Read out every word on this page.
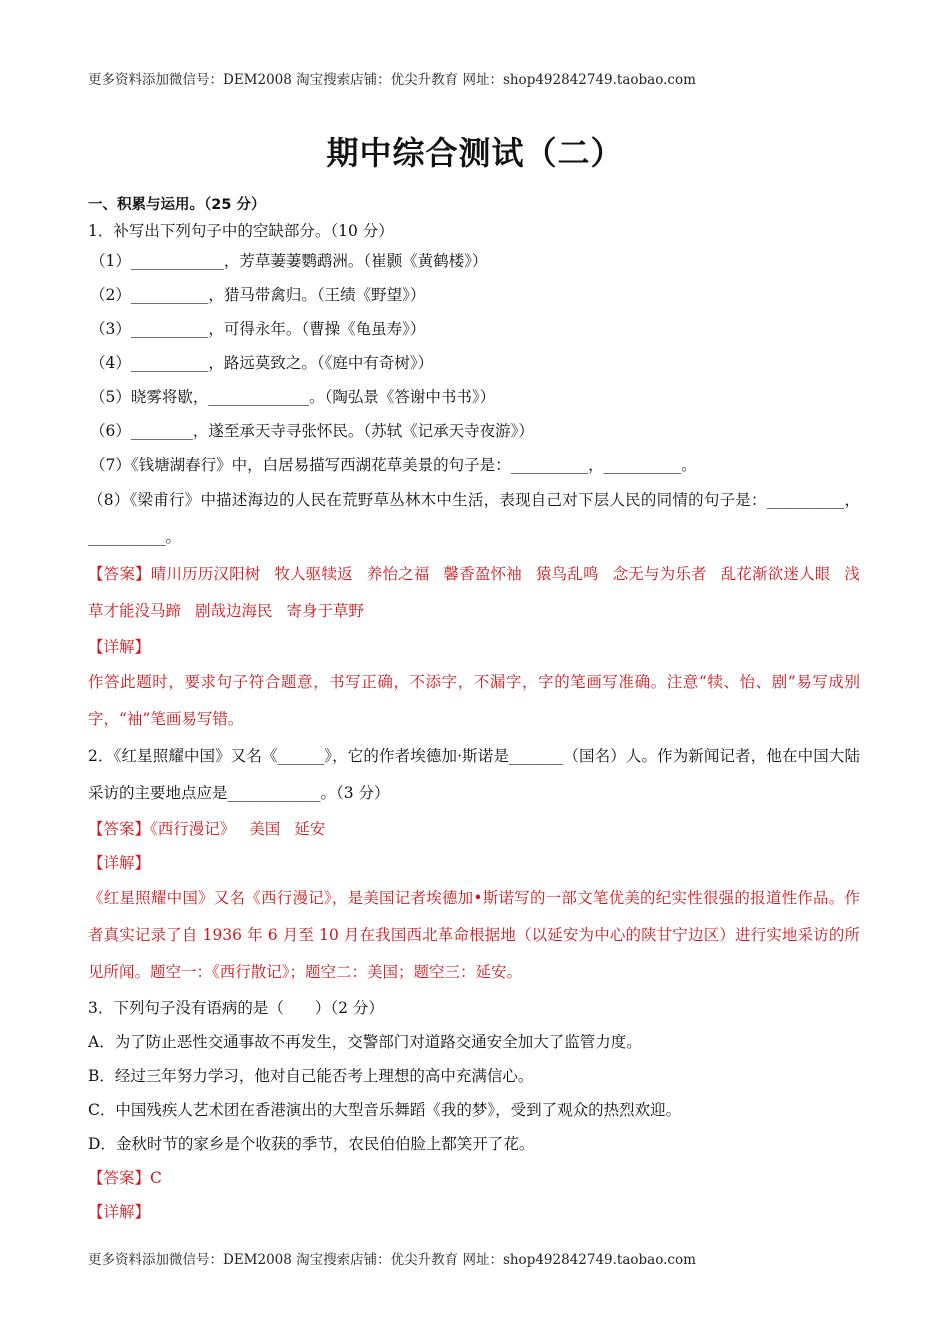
更多资料添加微信号：DEM2008 淘宝搜索店铺：优尖升教育 网址：shop492842749.taobao.com
期中综合测试（二）
一、积累与运用。（25 分）
1．补写出下列句子中的空缺部分。（10 分）
（1）____________，芳草萋萋鹦鹉洲。（崔颢《黄鹤楼》）
（2）__________，猎马带禽归。（王绩《野望》）
（3）__________，可得永年。（曹操《龟虽寿》）
（4）__________，路远莫致之。（《庭中有奇树》）
（5）晓雾将歇，_____________。（陶弘景《答谢中书书》）
（6）________，遂至承天寺寻张怀民。（苏轼《记承天寺夜游》）
（7）《钱塘湖春行》中，白居易描写西湖花草美景的句子是：__________，__________。
（8）《梁甫行》中描述海边的人民在荒野草丛林木中生活，表现自己对下层人民的同情的句子是：__________，__________。
【答案】晴川历历汉阳树 牧人驱犊返 养怡之福 馨香盈怀袖 猿鸟乱鸣 念无与为乐者 乱花渐欲迷人眼 浅草才能没马蹄 剧哉边海民 寄身于草野
【详解】
作答此题时，要求句子符合题意，书写正确，不添字，不漏字，字的笔画写准确。注意“犊、怡、剧”易写成别字，“袖”笔画易写错。
2．《红星照耀中国》又名《______》，它的作者埃德加·斯诺是_______（国名）人。作为新闻记者，他在中国大陆采访的主要地点应是____________。（3 分）
【答案】《西行漫记》 美国 延安
【详解】
《红星照耀中国》又名《西行漫记》，是美国记者埃德加•斯诺写的一部文笔优美的纪实性很强的报道性作品。作者真实记录了自 1936 年 6 月至 10 月在我国西北革命根据地（以延安为中心的陕甘宁边区）进行实地采访的所见所闻。题空一：《西行散记》；题空二：美国；题空三：延安。
3．下列句子没有语病的是（　　）（2 分）
A．为了防止恶性交通事故不再发生，交警部门对道路交通安全加大了监管力度。
B．经过三年努力学习，他对自己能否考上理想的高中充满信心。
C．中国残疾人艺术团在香港演出的大型音乐舞蹈《我的梦》，受到了观众的热烈欢迎。
D．金秋时节的家乡是个收获的季节，农民伯伯脸上都笑开了花。
【答案】C
【详解】
更多资料添加微信号：DEM2008 淘宝搜索店铺：优尖升教育 网址：shop492842749.taobao.com
